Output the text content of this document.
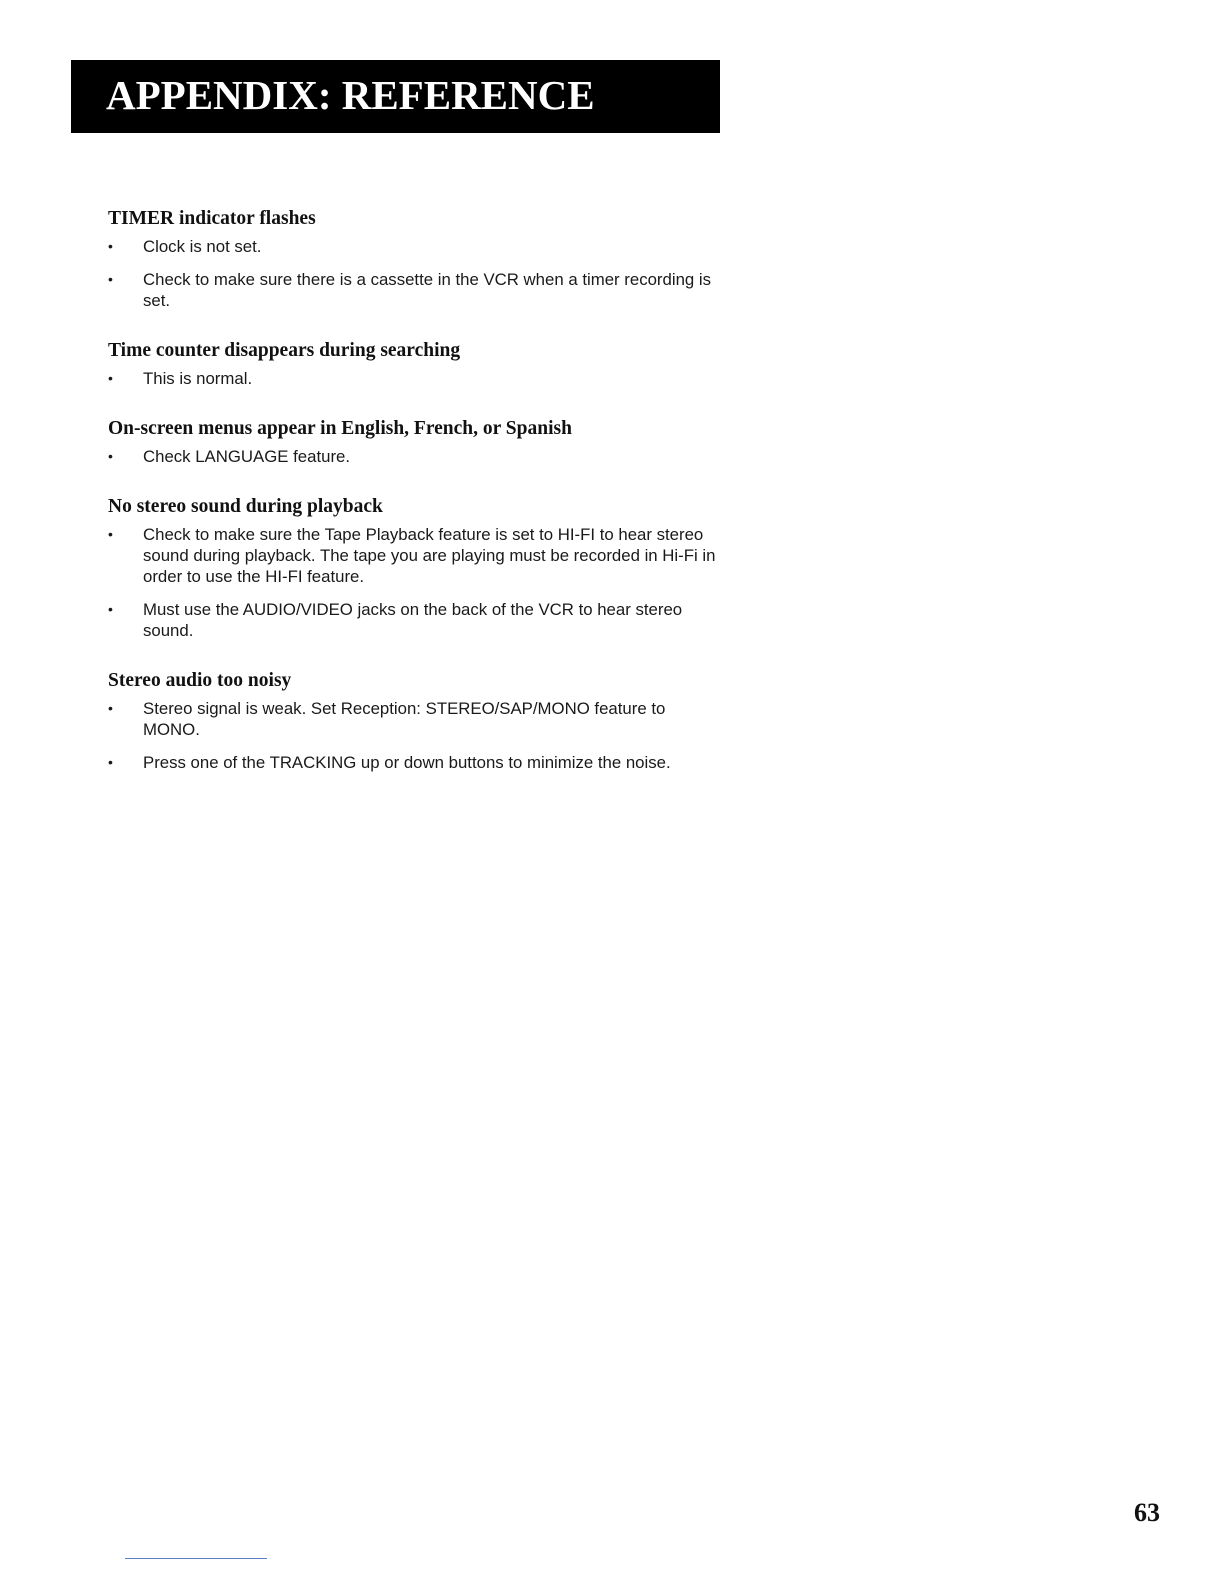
APPENDIX: REFERENCE
TIMER indicator flashes
• Clock is not set.
• Check to make sure there is a cassette in the VCR when a timer recording is set.
Time counter disappears during searching
• This is normal.
On-screen menus appear in English, French, or Spanish
• Check LANGUAGE feature.
No stereo sound during playback
• Check to make sure the Tape Playback feature is set to HI-FI to hear stereo sound during playback. The tape you are playing must be recorded in Hi-Fi in order to use the HI-FI feature.
• Must use the AUDIO/VIDEO jacks on the back of the VCR to hear stereo sound.
Stereo audio too noisy
• Stereo signal is weak. Set Reception: STEREO/SAP/MONO feature to MONO.
• Press one of the TRACKING up or down buttons to minimize the noise.
63
